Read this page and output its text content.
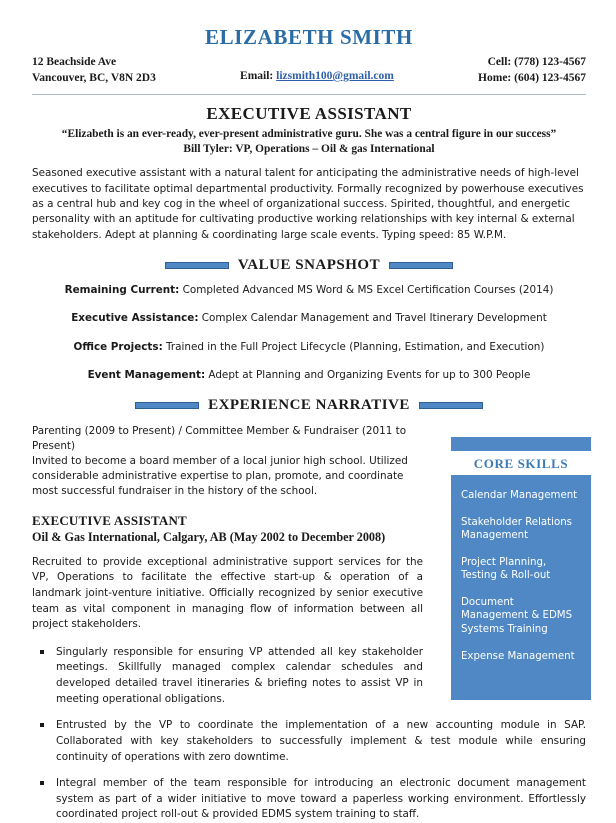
ELIZABETH SMITH
12 Beachside Ave
Vancouver, BC, V8N 2D3	Email: lizsmith100@gmail.com
Cell: (778) 123-4567
Home: (604) 123-4567
EXECUTIVE ASSISTANT
“Elizabeth is an ever-ready, ever-present administrative guru. She was a central figure in our success”
Bill Tyler: VP, Operations – Oil & gas International

Seasoned executive assistant with a natural talent for anticipating the administrative needs of high-level executives to facilitate optimal departmental productivity. Formally recognized by powerhouse executives as a central hub and key cog in the wheel of organizational success. Spirited, thoughtful, and energetic personality with an aptitude for cultivating productive working relationships with key internal & external stakeholders. Adept at planning & coordinating large scale events. Typing speed: 85 W.P.M.

VALUE SNAPSHOT
Remaining Current: Completed Advanced MS Word & MS Excel Certification Courses (2014)
Executive Assistance: Complex Calendar Management and Travel Itinerary Development
Office Projects: Trained in the Full Project Lifecycle (Planning, Estimation, and Execution)
Event Management: Adept at Planning and Organizing Events for up to 300 People
EXPERIENCE NARRATIVE

Parenting (2009 to Present) / Committee Member & Fundraiser (2011 to Present)

Invited to become a board member of a local junior high school. Utilized considerable administrative expertise to plan, promote, and coordinate most successful fundraiser in the history of the school.

EXECUTIVE ASSISTANT
Oil & Gas International, Calgary, AB (May 2002 to December 2008)

Recruited to provide exceptional administrative support services for the VP, Operations to facilitate the effective start-up & operation of a landmark joint-venture initiative. Officially recognized by senior executive team as vital component in managing flow of information between all project stakeholders.

Singularly responsible for ensuring VP attended all key stakeholder meetings. Skillfully managed complex calendar schedules and developed detailed travel itineraries & briefing notes to assist VP in meeting operational obligations.
Entrusted by the VP to coordinate the implementation of a new accounting module in SAP. Collaborated with key stakeholders to successfully implement & test module while ensuring continuity of operations with zero downtime.
Integral member of the team responsible for introducing an electronic document management system as part of a wider initiative to move toward a paperless working environment. Effortlessly coordinated project roll-out & provided EDMS system training to staff.
CORE SKILLS
Calendar Management
Stakeholder Relations Management
Project Planning, Testing & Roll-out
Document Management & EDMS Systems Training
Expense Management
